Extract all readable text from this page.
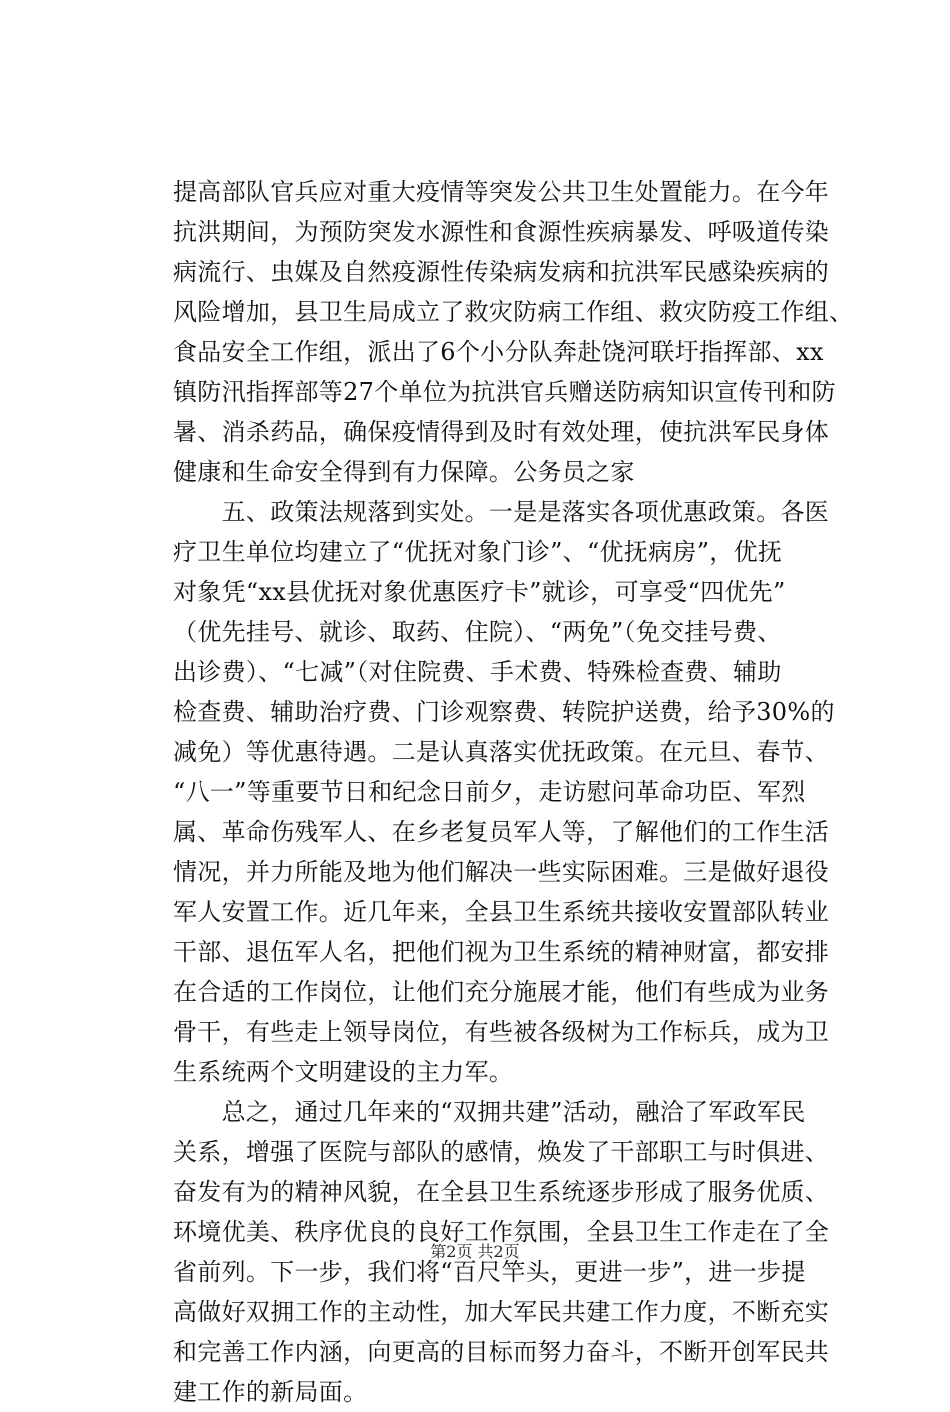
提高部队官兵应对重大疫情等突发公共卫生处置能力。在今年
抗洪期间，为预防突发水源性和食源性疾病暴发、呼吸道传染
病流行、虫媒及自然疫源性传染病发病和抗洪军民感染疾病的
风险增加，县卫生局成立了救灾防病工作组、救灾防疫工作组、
食品安全工作组，派出了6个小分队奔赴饶河联圩指挥部、xx
镇防汛指挥部等27个单位为抗洪官兵赠送防病知识宣传刊和防
暑、消杀药品，确保疫情得到及时有效处理，使抗洪军民身体
健康和生命安全得到有力保障。公务员之家
　　五、政策法规落到实处。一是是落实各项优惠政策。各医
疗卫生单位均建立了“优抚对象门诊”、“优抚病房”，优抚
对象凭“xx县优抚对象优惠医疗卡”就诊，可享受“四优先”
（优先挂号、就诊、取药、住院）、“两免”（免交挂号费、
出诊费）、“七减”（对住院费、手术费、特殊检查费、辅助
检查费、辅助治疗费、门诊观察费、转院护送费，给予30%的
减免）等优惠待遇。二是认真落实优抚政策。在元旦、春节、
“八一”等重要节日和纪念日前夕，走访慰问革命功臣、军烈
属、革命伤残军人、在乡老复员军人等，了解他们的工作生活
情况，并力所能及地为他们解决一些实际困难。三是做好退役
军人安置工作。近几年来，全县卫生系统共接收安置部队转业
干部、退伍军人名，把他们视为卫生系统的精神财富，都安排
在合适的工作岗位，让他们充分施展才能，他们有些成为业务
骨干，有些走上领导岗位，有些被各级树为工作标兵，成为卫
生系统两个文明建设的主力军。
　　总之，通过几年来的“双拥共建”活动，融洽了军政军民
关系，增强了医院与部队的感情，焕发了干部职工与时俱进、
奋发有为的精神风貌，在全县卫生系统逐步形成了服务优质、
环境优美、秩序优良的良好工作氛围，全县卫生工作走在了全
省前列。下一步，我们将“百尺竿头，更进一步”，进一步提
高做好双拥工作的主动性，加大军民共建工作力度，不断充实
和完善工作内涵，向更高的目标而努力奋斗，不断开创军民共
建工作的新局面。
第2页 共2页
